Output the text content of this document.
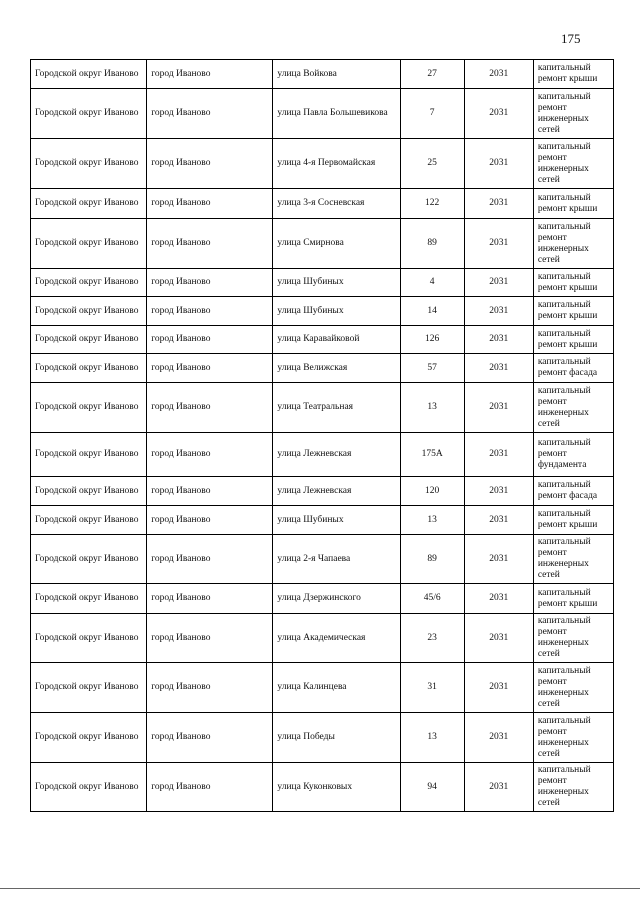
175
Городской округ Иваново	город Иваново	улица Войкова	27	2031	капитальный ремонт крыши
Городской округ Иваново	город Иваново	улица Павла Большевикова	7	2031	капитальный ремонт инженерных сетей
Городской округ Иваново	город Иваново	улица 4-я Первомайская	25	2031	капитальный ремонт инженерных сетей
Городской округ Иваново	город Иваново	улица 3-я Сосневская	122	2031	капитальный ремонт крыши
Городской округ Иваново	город Иваново	улица Смирнова	89	2031	капитальный ремонт инженерных сетей
Городской округ Иваново	город Иваново	улица Шубиных	4	2031	капитальный ремонт крыши
Городской округ Иваново	город Иваново	улица Шубиных	14	2031	капитальный ремонт крыши
Городской округ Иваново	город Иваново	улица Каравайковой	126	2031	капитальный ремонт крыши
Городской округ Иваново	город Иваново	улица Велижская	57	2031	капитальный ремонт фасада
Городской округ Иваново	город Иваново	улица Театральная	13	2031	капитальный ремонт инженерных сетей
Городской округ Иваново	город Иваново	улица Лежневская	175А	2031	капитальный ремонт фундамента
Городской округ Иваново	город Иваново	улица Лежневская	120	2031	капитальный ремонт фасада
Городской округ Иваново	город Иваново	улица Шубиных	13	2031	капитальный ремонт крыши
Городской округ Иваново	город Иваново	улица 2-я Чапаева	89	2031	капитальный ремонт инженерных сетей
Городской округ Иваново	город Иваново	улица Дзержинского	45/6	2031	капитальный ремонт крыши
Городской округ Иваново	город Иваново	улица Академическая	23	2031	капитальный ремонт инженерных сетей
Городской округ Иваново	город Иваново	улица Калинцева	31	2031	капитальный ремонт инженерных сетей
Городской округ Иваново	город Иваново	улица Победы	13	2031	капитальный ремонт инженерных сетей
Городской округ Иваново	город Иваново	улица Куконковых	94	2031	капитальный ремонт инженерных сетей
